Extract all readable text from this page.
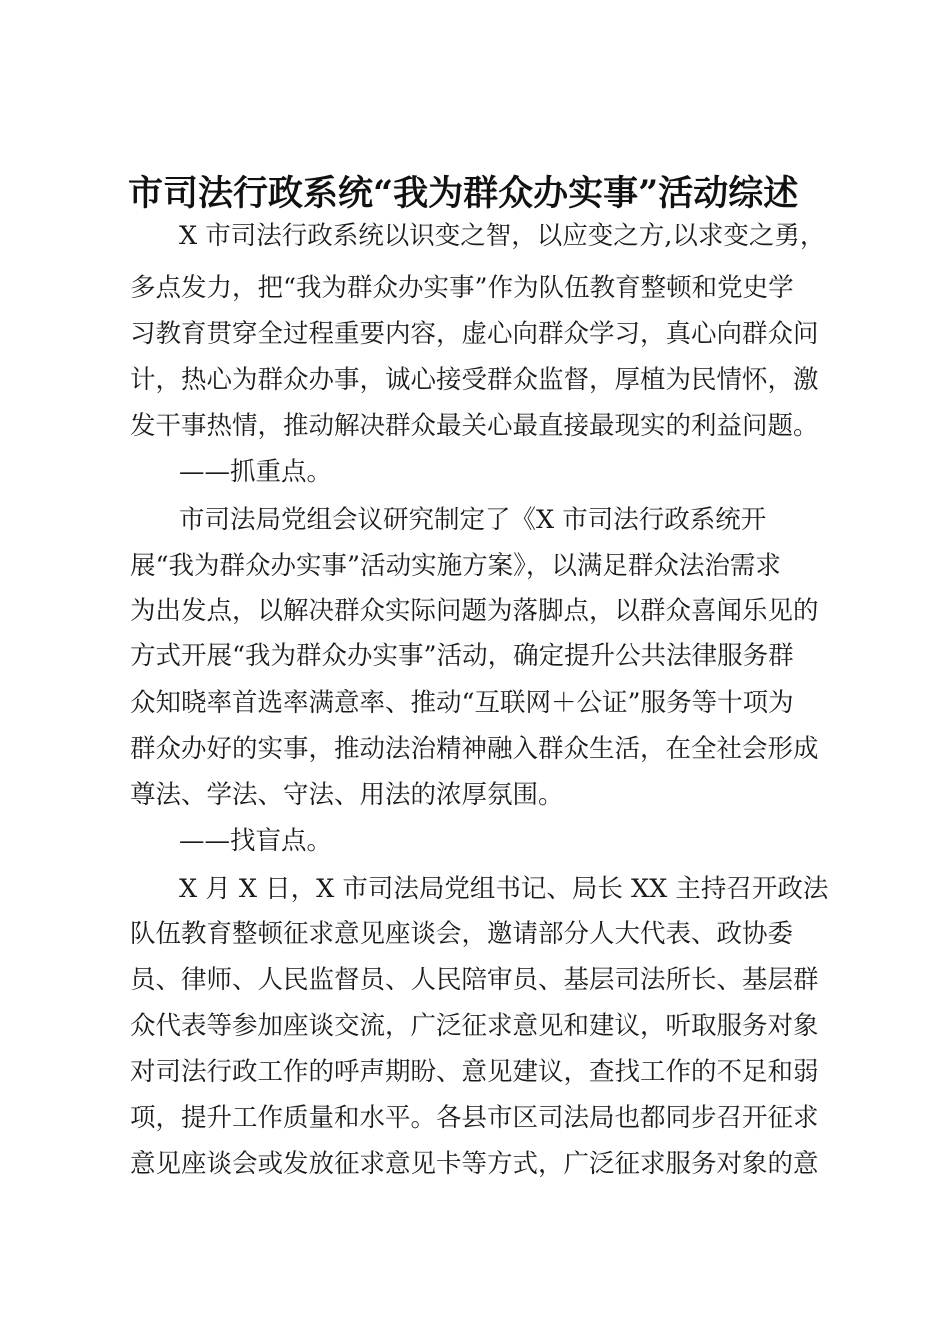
市司法行政系统“我为群众办实事”活动综述
X 市司法行政系统以识变之智，以应变之方,以求变之勇，
多点发力，把“我为群众办实事”作为队伍教育整顿和党史学
习教育贯穿全过程重要内容，虚心向群众学习，真心向群众问
计，热心为群众办事，诚心接受群众监督，厚植为民情怀，激
发干事热情，推动解决群众最关心最直接最现实的利益问题。
——抓重点。
市司法局党组会议研究制定了《X 市司法行政系统开
展“我为群众办实事”活动实施方案》，以满足群众法治需求
为出发点，以解决群众实际问题为落脚点，以群众喜闻乐见的
方式开展“我为群众办实事”活动，确定提升公共法律服务群
众知晓率首选率满意率、推动“互联网＋公证”服务等十项为
群众办好的实事，推动法治精神融入群众生活，在全社会形成
尊法、学法、守法、用法的浓厚氛围。
——找盲点。
X 月 X 日，X 市司法局党组书记、局长 XX 主持召开政法
队伍教育整顿征求意见座谈会，邀请部分人大代表、政协委
员、律师、人民监督员、人民陪审员、基层司法所长、基层群
众代表等参加座谈交流，广泛征求意见和建议，听取服务对象
对司法行政工作的呼声期盼、意见建议，查找工作的不足和弱
项，提升工作质量和水平。各县市区司法局也都同步召开征求
意见座谈会或发放征求意见卡等方式，广泛征求服务对象的意
